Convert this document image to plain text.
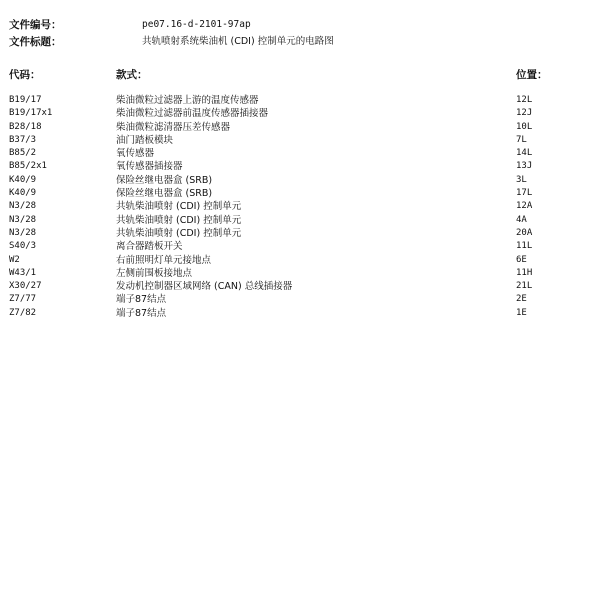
文件编号：	pe07.16-d-2101-97ap
文件标题：	共轨喷射系统柴油机 (CDI) 控制单元的电路图
代码：	款式：	位置：
B19/17	柴油微粒过滤器上游的温度传感器	12L
B19/17x1	柴油微粒过滤器前温度传感器插接器	12J
B28/18	柴油微粒滤清器压差传感器	10L
B37/3	油门踏板模块	7L
B85/2	氧传感器	14L
B85/2x1	氧传感器插接器	13J
K40/9	保险丝继电器盒 (SRB)	3L
K40/9	保险丝继电器盒 (SRB)	17L
N3/28	共轨柴油喷射 (CDI) 控制单元	12A
N3/28	共轨柴油喷射 (CDI) 控制单元	4A
N3/28	共轨柴油喷射 (CDI) 控制单元	20A
S40/3	离合器踏板开关	11L
W2	右前照明灯单元接地点	6E
W43/1	左侧前围板接地点	11H
X30/27	发动机控制器区域网络 (CAN) 总线插接器	21L
Z7/77	端子87结点	2E
Z7/82	端子87结点	1E
